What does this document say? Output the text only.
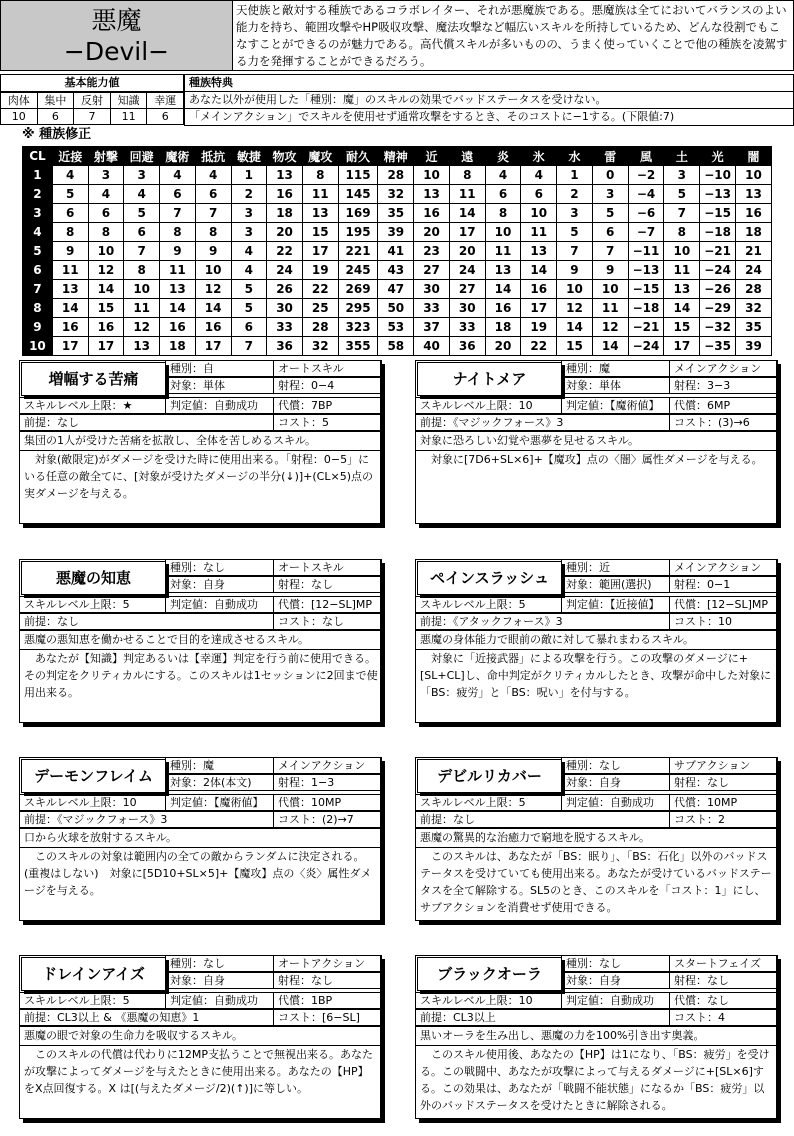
悪魔
−Devil−
天使族と敵対する種族であるコラボレイター、それが悪魔族である。悪魔族は全てにおいてバランスのよい能力を持ち、範囲攻撃やHP吸収攻撃、魔法攻撃など幅広いスキルを所持しているため、どんな役割でもこなすことができるのが魅力である。高代償スキルが多いものの、うまく使っていくことで他の種族を凌駕する力を発揮することができるだろう。
基本能力値
肉体	集中	反射	知識	幸運
10	6	7	11	6
種族特典
あなた以外が使用した「種別：魔」のスキルの効果でバッドステータスを受けない。
「メインアクション」でスキルを使用せず通常攻撃をするとき、そのコストに−1する。(下限値:7)
※ 種族修正
CL	近接	射撃	回避	魔術	抵抗	敏捷	物攻	魔攻	耐久	精神	近	遠	炎	氷	水	雷	風	土	光	闇
1	4	3	3	4	4	1	13	8	115	28	10	8	4	4	1	0	−2	3	−10	10
2	5	4	4	6	6	2	16	11	145	32	13	11	6	6	2	3	−4	5	−13	13
3	6	6	5	7	7	3	18	13	169	35	16	14	8	10	3	5	−6	7	−15	16
4	8	8	6	8	8	3	20	15	195	39	20	17	10	11	5	6	−7	8	−18	18
5	9	10	7	9	9	4	22	17	221	41	23	20	11	13	7	7	−11	10	−21	21
6	11	12	8	11	10	4	24	19	245	43	27	24	13	14	9	9	−13	11	−24	24
7	13	14	10	13	12	5	26	22	269	47	30	27	14	16	10	10	−15	13	−26	28
8	14	15	11	14	14	5	30	25	295	50	33	30	16	17	12	11	−18	14	−29	32
9	16	16	12	16	16	6	33	28	323	53	37	33	18	19	14	12	−21	15	−32	35
10	17	17	13	18	17	7	36	32	355	58	40	36	20	22	15	14	−24	17	−35	39
増幅する苦痛
種別：自	オートスキル
対象：単体	射程：0−4
スキルレベル上限：★	判定値：自動成功	代償：7BP
前提：なし	コスト：5
集団の1人が受けた苦痛を拡散し、全体を苦しめるスキル。
　対象(敵限定)がダメージを受けた時に使用出来る。「射程：0−5」にいる任意の敵全てに、[対象が受けたダメージの半分(↓)]+(CL×5)点の実ダメージを与える。
ナイトメア
種別：魔	メインアクション
対象：単体	射程：3−3
スキルレベル上限：10	判定値：【魔術値】	代償：6MP
前提：《マジックフォース》3	コスト：(3)→6
対象に恐ろしい幻覚や悪夢を見せるスキル。
　対象に[7D6+SL×6]+【魔攻】点の〈闇〉属性ダメージを与える。
悪魔の知恵
種別：なし	オートスキル
対象：自身	射程：なし
スキルレベル上限：5	判定値：自動成功	代償：[12−SL]MP
前提：なし	コスト：なし
悪魔の悪知恵を働かせることで目的を達成させるスキル。
　あなたが【知識】判定あるいは【幸運】判定を行う前に使用できる。その判定をクリティカルにする。このスキルは1セッションに2回まで使用出来る。
ペインスラッシュ
種別：近	メインアクション
対象：範囲(選択)	射程：0−1
スキルレベル上限：5	判定値：【近接値】	代償：[12−SL]MP
前提：《アタックフォース》3	コスト：10
悪魔の身体能力で眼前の敵に対して暴れまわるスキル。
　対象に「近接武器」による攻撃を行う。この攻撃のダメージに+[SL+CL]し、命中判定がクリティカルしたとき、攻撃が命中した対象に「BS：疲労」と「BS：呪い」を付与する。
デーモンフレイム
種別：魔	メインアクション
対象：2体(本文)	射程：1−3
スキルレベル上限：10	判定値：【魔術値】	代償：10MP
前提：《マジックフォース》3	コスト：(2)→7
口から火球を放射するスキル。
　このスキルの対象は範囲内の全ての敵からランダムに決定される。(重複はしない)　対象に[5D10+SL×5]+【魔攻】点の〈炎〉属性ダメージを与える。
デビルリカバー
種別：なし	サブアクション
対象：自身	射程：なし
スキルレベル上限：5	判定値：自動成功	代償：10MP
前提：なし	コスト：2
悪魔の驚異的な治癒力で窮地を脱するスキル。
　このスキルは、あなたが「BS：眠り」、「BS：石化」以外のバッドステータスを受けていても使用出来る。あなたが受けているバッドステータスを全て解除する。SL5のとき、このスキルを「コスト：1」にし、サブアクションを消費せず使用できる。
ドレインアイズ
種別：なし	オートアクション
対象：自身	射程：なし
スキルレベル上限：5	判定値：自動成功	代償：1BP
前提：CL3以上 & 《悪魔の知恵》1	コスト：[6−SL]
悪魔の眼で対象の生命力を吸収するスキル。
　このスキルの代償は代わりに12MP支払うことで無視出来る。あなたが攻撃によってダメージを与えたときに使用出来る。あなたの【HP】をX点回復する。X は[(与えたダメージ/2)(↑)]に等しい。
ブラックオーラ
種別：なし	スタートフェイズ
対象：自身	射程：なし
スキルレベル上限：10	判定値：自動成功	代償：なし
前提：CL3以上	コスト：4
黒いオーラを生み出し、悪魔の力を100%引き出す奥義。
　このスキル使用後、あなたの【HP】は1になり、「BS：疲労」を受ける。この戦闘中、あなたが攻撃によって与えるダメージに+[SL×6]する。この効果は、あなたが「戦闘不能状態」になるか「BS：疲労」以外のバッドステータスを受けたときに解除される。
